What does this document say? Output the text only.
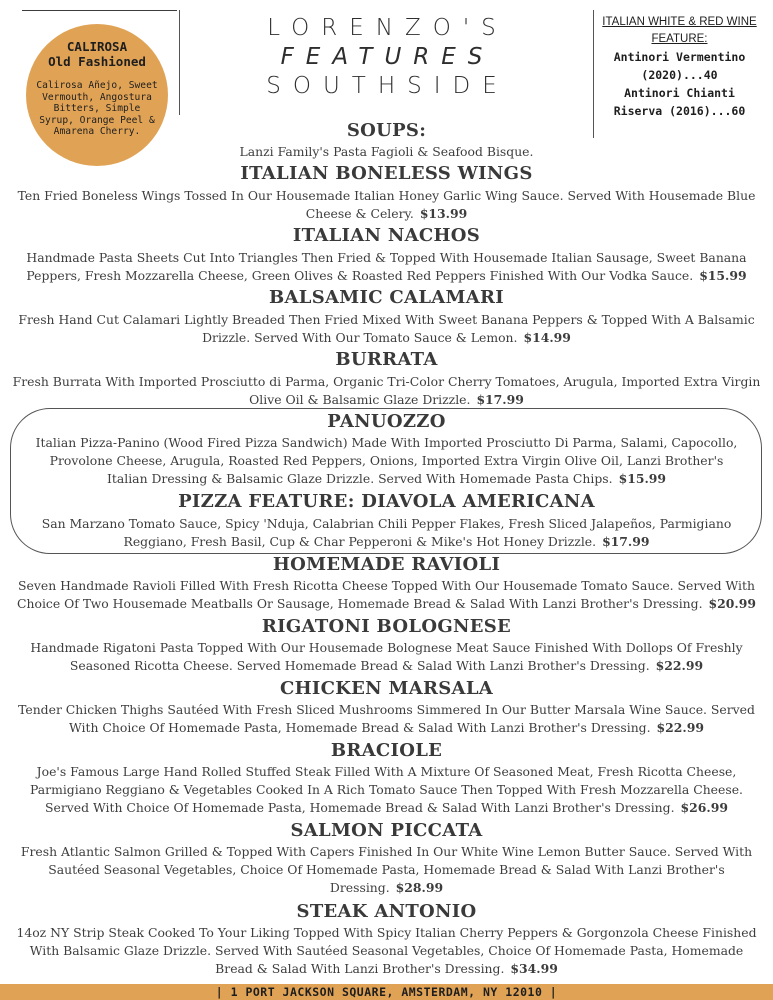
CALIROSA
Old Fashioned
Calirosa Añejo, Sweet Vermouth, Angostura Bitters, Simple Syrup, Orange Peel & Amarena Cherry.
LORENZO'S
FEATURES
SOUTHSIDE
ITALIAN WHITE & RED WINE
FEATURE:
Antinori Vermentino
(2020)...40
Antinori Chianti
Riserva (2016)...60
SOUPS:
Lanzi Family's Pasta Fagioli & Seafood Bisque.
ITALIAN BONELESS WINGS
Ten Fried Boneless Wings Tossed In Our Housemade Italian Honey Garlic Wing Sauce. Served With Housemade Blue Cheese & Celery. $13.99
ITALIAN NACHOS
Handmade Pasta Sheets Cut Into Triangles Then Fried & Topped With Housemade Italian Sausage, Sweet Banana Peppers, Fresh Mozzarella Cheese, Green Olives & Roasted Red Peppers Finished With Our Vodka Sauce. $15.99
BALSAMIC CALAMARI
Fresh Hand Cut Calamari Lightly Breaded Then Fried Mixed With Sweet Banana Peppers & Topped With A Balsamic Drizzle. Served With Our Tomato Sauce & Lemon. $14.99
BURRATA
Fresh Burrata With Imported Prosciutto di Parma, Organic Tri-Color Cherry Tomatoes, Arugula, Imported Extra Virgin Olive Oil & Balsamic Glaze Drizzle. $17.99
PANUOZZO
Italian Pizza-Panino (Wood Fired Pizza Sandwich) Made With Imported Prosciutto Di Parma, Salami, Capocollo, Provolone Cheese, Arugula, Roasted Red Peppers, Onions, Imported Extra Virgin Olive Oil, Lanzi Brother's Italian Dressing & Balsamic Glaze Drizzle. Served With Homemade Pasta Chips. $15.99
PIZZA FEATURE: DIAVOLA AMERICANA
San Marzano Tomato Sauce, Spicy 'Nduja, Calabrian Chili Pepper Flakes, Fresh Sliced Jalapeños, Parmigiano Reggiano, Fresh Basil, Cup & Char Pepperoni & Mike's Hot Honey Drizzle. $17.99
HOMEMADE RAVIOLI
Seven Handmade Ravioli Filled With Fresh Ricotta Cheese Topped With Our Housemade Tomato Sauce. Served With Choice Of Two Housemade Meatballs Or Sausage, Homemade Bread & Salad With Lanzi Brother's Dressing. $20.99
RIGATONI BOLOGNESE
Handmade Rigatoni Pasta Topped With Our Housemade Bolognese Meat Sauce Finished With Dollops Of Freshly Seasoned Ricotta Cheese. Served Homemade Bread & Salad With Lanzi Brother's Dressing. $22.99
CHICKEN MARSALA
Tender Chicken Thighs Sautéed With Fresh Sliced Mushrooms Simmered In Our Butter Marsala Wine Sauce. Served With Choice Of Homemade Pasta, Homemade Bread & Salad With Lanzi Brother's Dressing. $22.99
BRACIOLE
Joe's Famous Large Hand Rolled Stuffed Steak Filled With A Mixture Of Seasoned Meat, Fresh Ricotta Cheese, Parmigiano Reggiano & Vegetables Cooked In A Rich Tomato Sauce Then Topped With Fresh Mozzarella Cheese. Served With Choice Of Homemade Pasta, Homemade Bread & Salad With Lanzi Brother's Dressing. $26.99
SALMON PICCATA
Fresh Atlantic Salmon Grilled & Topped With Capers Finished In Our White Wine Lemon Butter Sauce. Served With Sautéed Seasonal Vegetables, Choice Of Homemade Pasta, Homemade Bread & Salad With Lanzi Brother's Dressing. $28.99
STEAK ANTONIO
14oz NY Strip Steak Cooked To Your Liking Topped With Spicy Italian Cherry Peppers & Gorgonzola Cheese Finished With Balsamic Glaze Drizzle. Served With Sautéed Seasonal Vegetables, Choice Of Homemade Pasta, Homemade Bread & Salad With Lanzi Brother's Dressing. $34.99
| 1 PORT JACKSON SQUARE, AMSTERDAM, NY 12010 |
